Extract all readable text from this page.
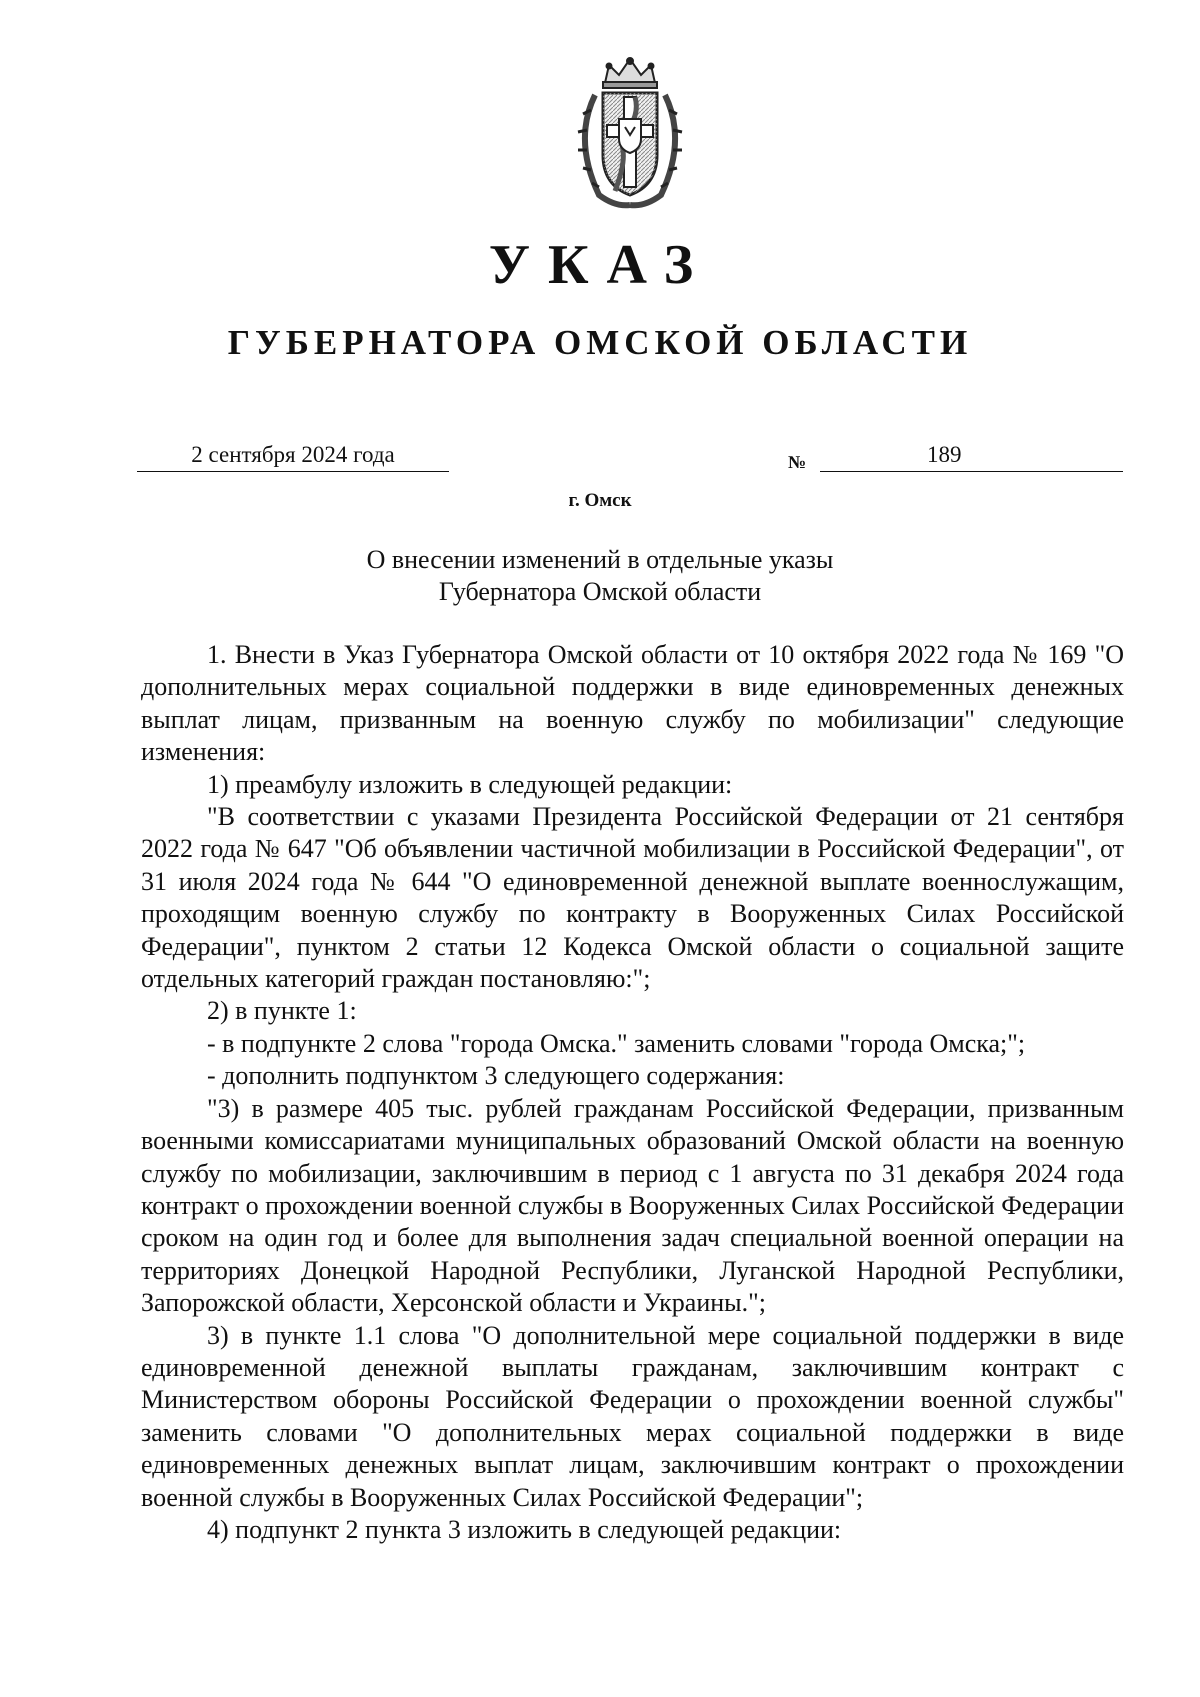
УКАЗ
ГУБЕРНАТОРА ОМСКОЙ ОБЛАСТИ
2 сентября 2024 года	№	189
г. Омск
О внесении изменений в отдельные указы
Губернатора Омской области

1. Внести в Указ Губернатора Омской области от 10 октября 2022 года № 169 "О дополнительных мерах социальной поддержки в виде единовременных денежных выплат лицам, призванным на военную службу по мобилизации" следующие изменения:

1) преамбулу изложить в следующей редакции:

"В соответствии с указами Президента Российской Федерации от 21 сентября 2022 года № 647 "Об объявлении частичной мобилизации в Российской Федерации", от 31 июля 2024 года № 644 "О единовременной денежной выплате военнослужащим, проходящим военную службу по контракту в Вооруженных Силах Российской Федерации", пунктом 2 статьи 12 Кодекса Омской области о социальной защите отдельных категорий граждан постановляю:";

2) в пункте 1:

- в подпункте 2 слова "города Омска." заменить словами "города Омска;";

- дополнить подпунктом 3 следующего содержания:

"3) в размере 405 тыс. рублей гражданам Российской Федерации, призванным военными комиссариатами муниципальных образований Омской области на военную службу по мобилизации, заключившим в период с 1 августа по 31 декабря 2024 года контракт о прохождении военной службы в Вооруженных Силах Российской Федерации сроком на один год и более для выполнения задач специальной военной операции на территориях Донецкой Народной Республики, Луганской Народной Республики, Запорожской области, Херсонской области и Украины.";

3) в пункте 1.1 слова "О дополнительной мере социальной поддержки в виде единовременной денежной выплаты гражданам, заключившим контракт с Министерством обороны Российской Федерации о прохождении военной службы" заменить словами "О дополнительных мерах социальной поддержки в виде единовременных денежных выплат лицам, заключившим контракт о прохождении военной службы в Вооруженных Силах Российской Федерации";

4) подпункт 2 пункта 3 изложить в следующей редакции:
